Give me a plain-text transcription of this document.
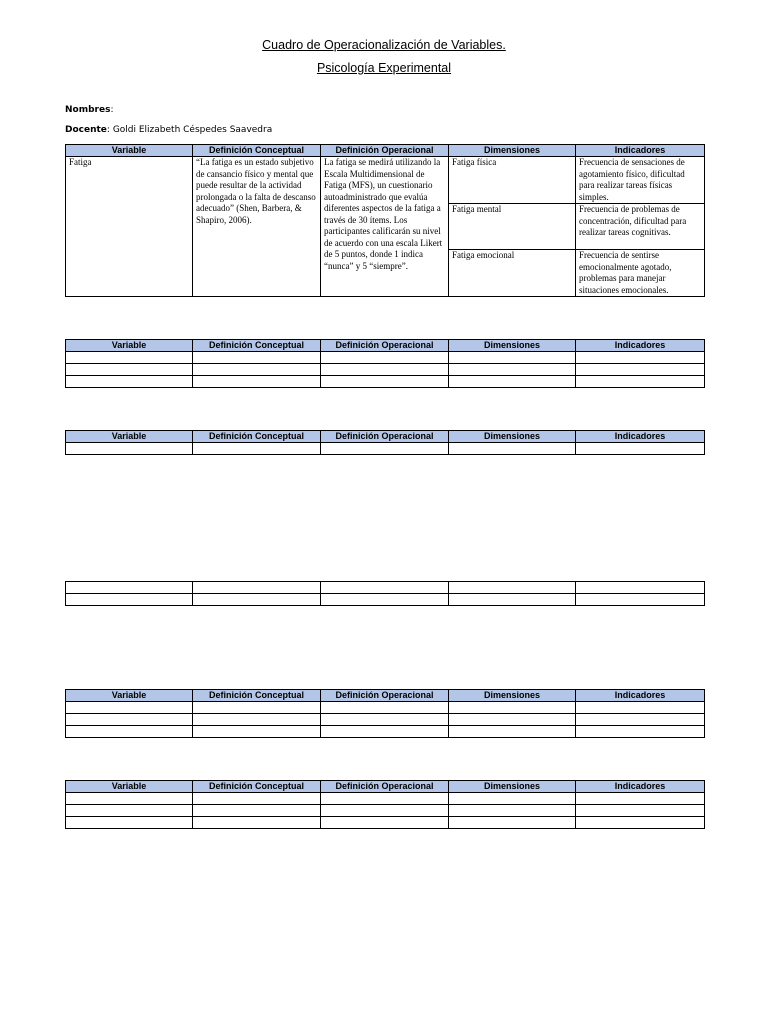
Cuadro de Operacionalización de Variables.
Psicología Experimental
Nombres:
Docente: Goldi Elizabeth Céspedes Saavedra
Variable	Definición Conceptual	Definición Operacional	Dimensiones	Indicadores
Fatiga	“La fatiga es un estado subjetivo de cansancio físico y mental que puede resultar de la actividad prolongada o la falta de descanso adecuado” (Shen, Barbera, & Shapiro, 2006).	La fatiga se medirá utilizando la Escala Multidimensional de Fatiga (MFS), un cuestionario autoadministrado que evalúa diferentes aspectos de la fatiga a través de 30 ítems. Los participantes calificarán su nivel de acuerdo con una escala Likert de 5 puntos, donde 1 indica “nunca” y 5 “siempre”.	Fatiga física	Frecuencia de sensaciones de agotamiento físico, dificultad para realizar tareas físicas simples.
			Fatiga mental	Frecuencia de problemas de concentración, dificultad para realizar tareas cognitivas.
			Fatiga emocional	Frecuencia de sentirse emocionalmente agotado, problemas para manejar situaciones emocionales.
Variable	Definición Conceptual	Definición Operacional	Dimensiones	Indicadores

Variable	Definición Conceptual	Definición Operacional	Dimensiones	Indicadores

Variable	Definición Conceptual	Definición Operacional	Dimensiones	Indicadores

Variable	Definición Conceptual	Definición Operacional	Dimensiones	Indicadores
